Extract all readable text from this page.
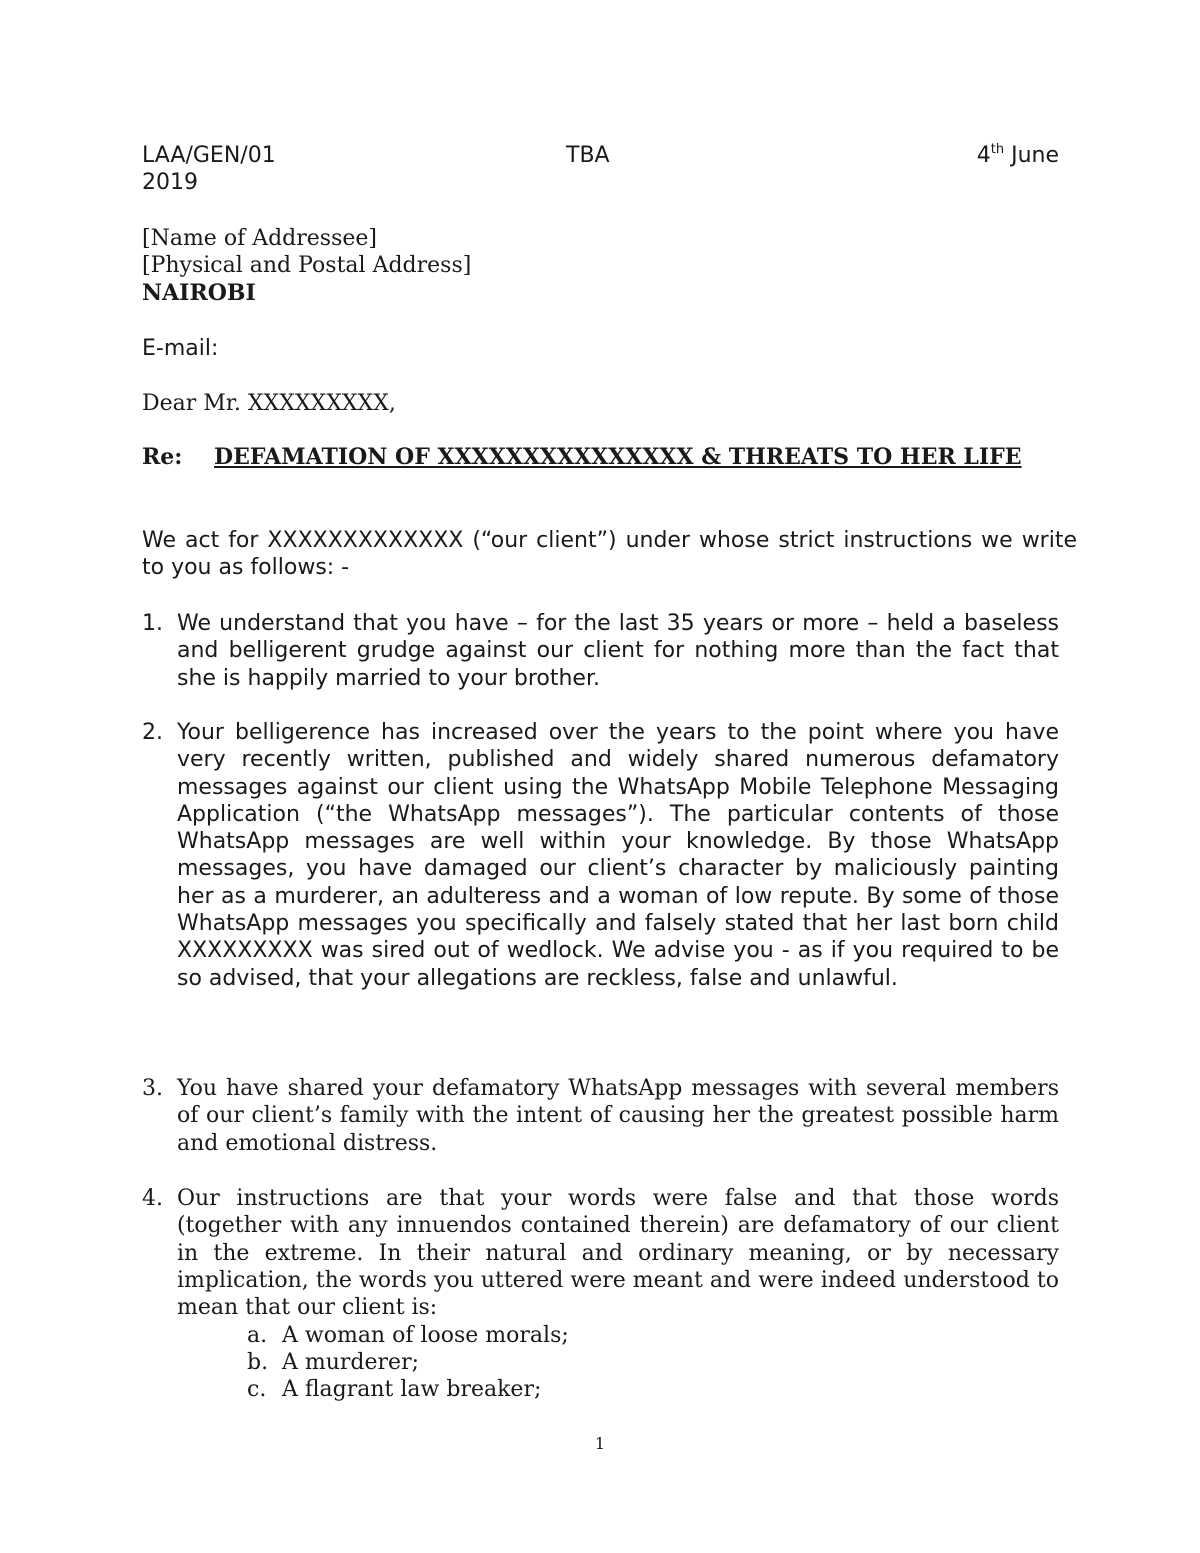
LAA/GEN/01	TBA	4th June
2019
[Name of Addressee]
[Physical and Postal Address]
NAIROBI
E-mail:
Dear Mr. XXXXXXXXX,
Re: DEFAMATION OF XXXXXXXXXXXXXXX & THREATS TO HER LIFE
We act for XXXXXXXXXXXXX (“our client”) under whose strict instructions we write to you as follows: -
1. We understand that you have – for the last 35 years or more – held a baseless and belligerent grudge against our client for nothing more than the fact that she is happily married to your brother.
2. Your belligerence has increased over the years to the point where you have very recently written, published and widely shared numerous defamatory messages against our client using the WhatsApp Mobile Telephone Messaging Application (“the WhatsApp messages”). The particular contents of those WhatsApp messages are well within your knowledge. By those WhatsApp messages, you have damaged our client’s character by maliciously painting her as a murderer, an adulteress and a woman of low repute. By some of those WhatsApp messages you specifically and falsely stated that her last born child XXXXXXXXX was sired out of wedlock. We advise you - as if you required to be so advised, that your allegations are reckless, false and unlawful.
3. You have shared your defamatory WhatsApp messages with several members of our client’s family with the intent of causing her the greatest possible harm and emotional distress.
4. Our instructions are that your words were false and that those words (together with any innuendos contained therein) are defamatory of our client in the extreme. In their natural and ordinary meaning, or by necessary implication, the words you uttered were meant and were indeed understood to mean that our client is:
a. A woman of loose morals;
b. A murderer;
c. A flagrant law breaker;
1
